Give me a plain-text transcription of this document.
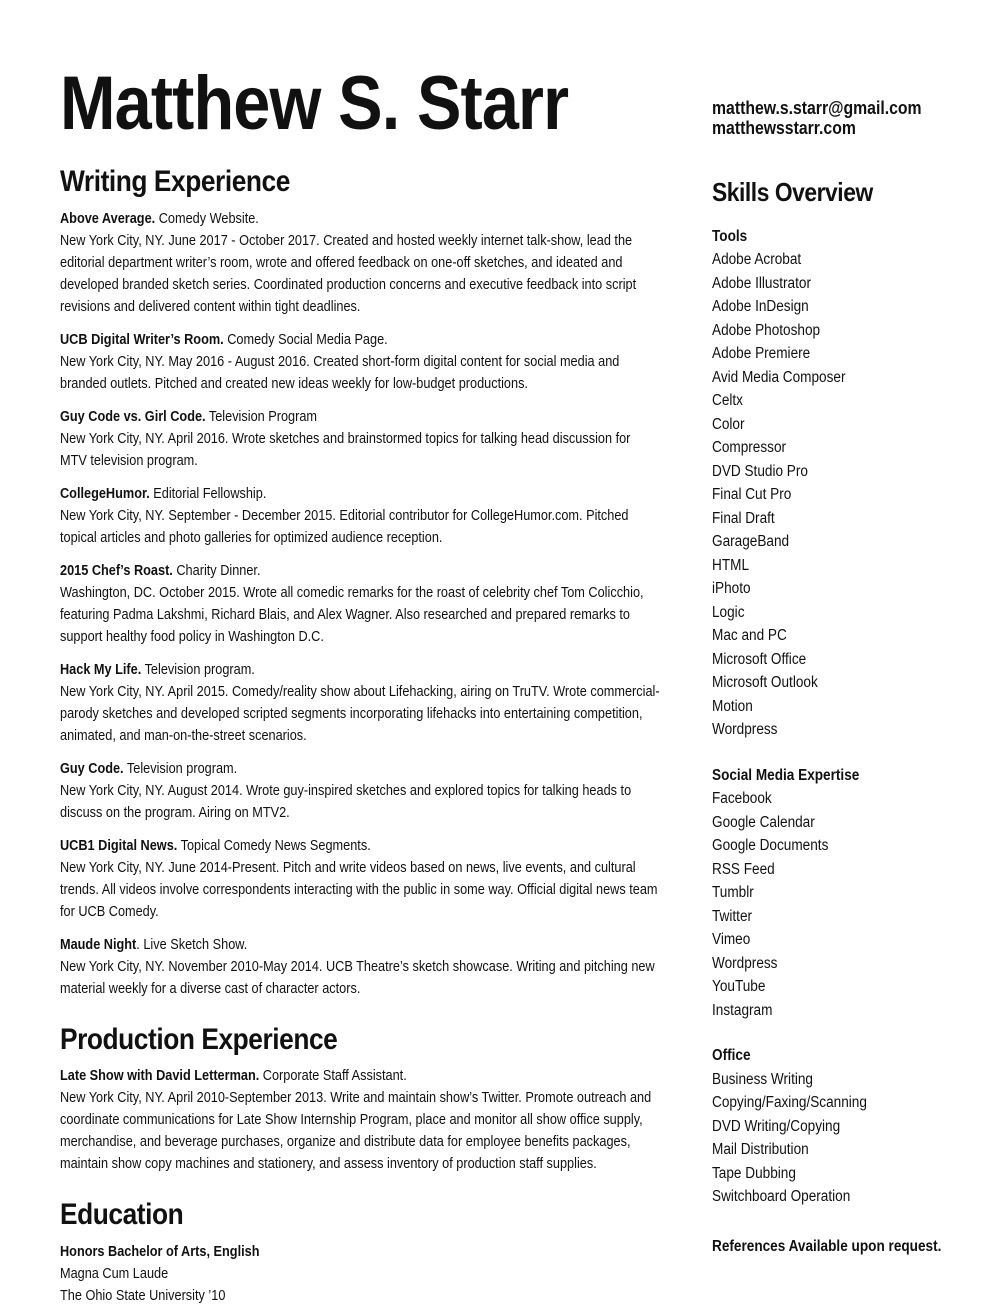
Matthew S. Starr
Writing Experience

Above Average. Comedy Website.

New York City, NY. June 2017 - October 2017. Created and hosted weekly internet talk-show, lead the editorial department writer’s room, wrote and offered feedback on one-off sketches, and ideated and developed branded sketch series. Coordinated production concerns and executive feedback into script revisions and delivered content within tight deadlines.

UCB Digital Writer’s Room. Comedy Social Media Page.

New York City, NY. May 2016 - August 2016. Created short-form digital content for social media and branded outlets. Pitched and created new ideas weekly for low-budget productions.

Guy Code vs. Girl Code. Television Program

New York City, NY. April 2016. Wrote sketches and brainstormed topics for talking head discussion for MTV television program.

CollegeHumor. Editorial Fellowship.

New York City, NY. September - December 2015. Editorial contributor for CollegeHumor.com. Pitched topical articles and photo galleries for optimized audience reception.

2015 Chef’s Roast. Charity Dinner.

Washington, DC. October 2015. Wrote all comedic remarks for the roast of celebrity chef Tom Colicchio, featuring Padma Lakshmi, Richard Blais, and Alex Wagner. Also researched and prepared remarks to support healthy food policy in Washington D.C.

Hack My Life. Television program.

New York City, NY. April 2015. Comedy/reality show about Lifehacking, airing on TruTV. Wrote commercial-parody sketches and developed scripted segments incorporating lifehacks into entertaining competition, animated, and man-on-the-street scenarios.

Guy Code. Television program.

New York City, NY. August 2014. Wrote guy-inspired sketches and explored topics for talking heads to discuss on the program. Airing on MTV2.

UCB1 Digital News. Topical Comedy News Segments.

New York City, NY. June 2014-Present. Pitch and write videos based on news, live events, and cultural trends. All videos involve correspondents interacting with the public in some way. Official digital news team for UCB Comedy.

Maude Night. Live Sketch Show.

New York City, NY. November 2010-May 2014. UCB Theatre’s sketch showcase. Writing and pitching new material weekly for a diverse cast of character actors.

Production Experience

Late Show with David Letterman. Corporate Staff Assistant.

New York City, NY. April 2010-September 2013. Write and maintain show’s Twitter. Promote outreach and coordinate communications for Late Show Internship Program, place and monitor all show office supply, merchandise, and beverage purchases, organize and distribute data for employee benefits packages, maintain show copy machines and stationery, and assess inventory of production staff supplies.

Education

Honors Bachelor of Arts, English

Magna Cum Laude

The Ohio State University ’10

matthew.s.starr@gmail.com
matthewsstarr.com
Skills Overview

Tools

Adobe Acrobat

Adobe Illustrator

Adobe InDesign

Adobe Photoshop

Adobe Premiere

Avid Media Composer

Celtx

Color

Compressor

DVD Studio Pro

Final Cut Pro

Final Draft

GarageBand

HTML

iPhoto

Logic

Mac and PC

Microsoft Office

Microsoft Outlook

Motion

Wordpress

Social Media Expertise

Facebook

Google Calendar

Google Documents

RSS Feed

Tumblr

Twitter

Vimeo

Wordpress

YouTube

Instagram

Office

Business Writing

Copying/Faxing/Scanning

DVD Writing/Copying

Mail Distribution

Tape Dubbing

Switchboard Operation

References Available upon request.
